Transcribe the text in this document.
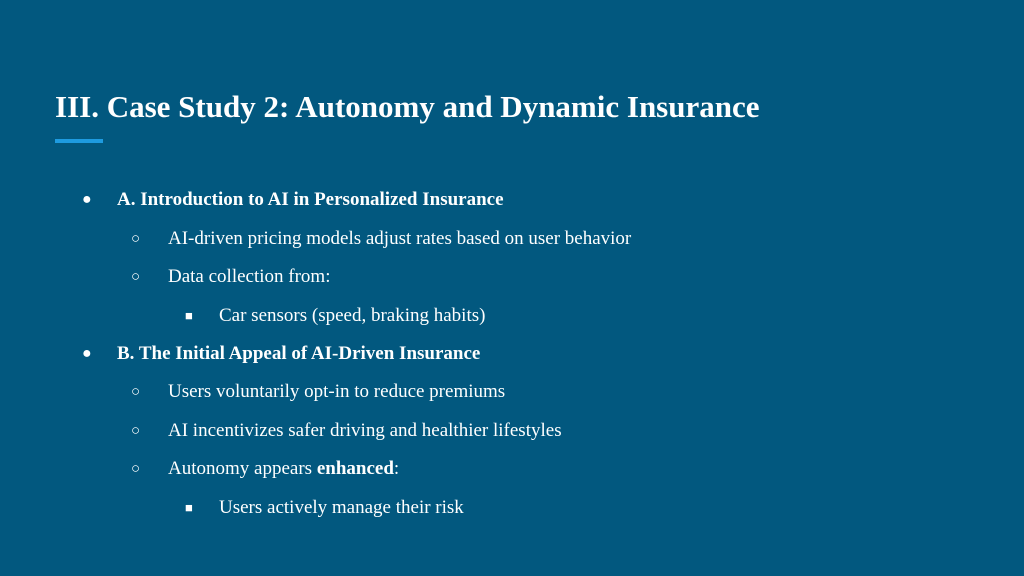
III. Case Study 2: Autonomy and Dynamic Insurance
● A. Introduction to AI in Personalized Insurance
○ AI-driven pricing models adjust rates based on user behavior
○ Data collection from:
■ Car sensors (speed, braking habits)
● B. The Initial Appeal of AI-Driven Insurance
○ Users voluntarily opt-in to reduce premiums
○ AI incentivizes safer driving and healthier lifestyles
○ Autonomy appears enhanced:
■ Users actively manage their risk
